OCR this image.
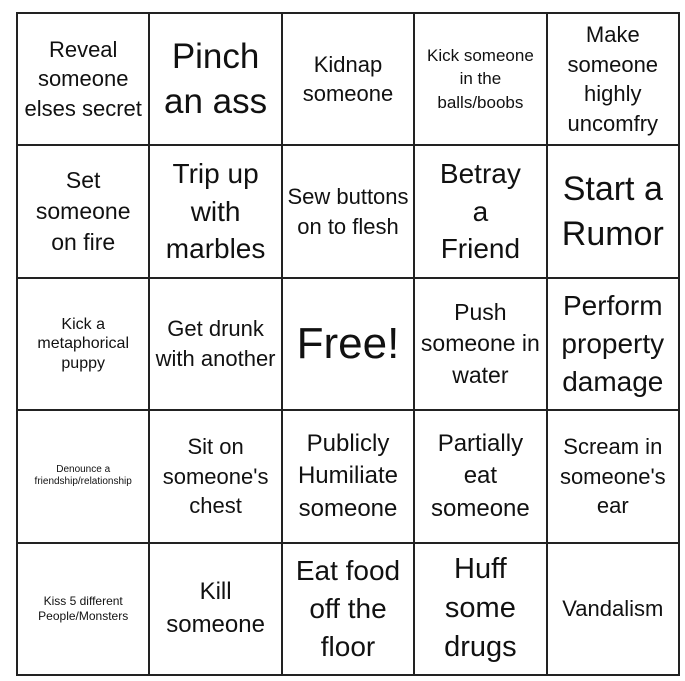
Reveal someone elses secret
Pinch an ass
Kidnap someone
Kick someone in the balls/boobs
Make someone highly uncomfry
Set someone on fire
Trip up with marbles
Sew buttons on to flesh
Betray a Friend
Start a Rumor
Kick a metaphorical puppy
Get drunk with another Free!
Push someone in water
Perform property damage
Denounce a friendship/relationship
Sit on someone's chest
Publicly Humiliate someone
Partially eat someone
Scream in someone's ear
Kiss 5 different People/Monsters
Kill someone
Eat food off the floor
Huff some drugs
Vandalism
